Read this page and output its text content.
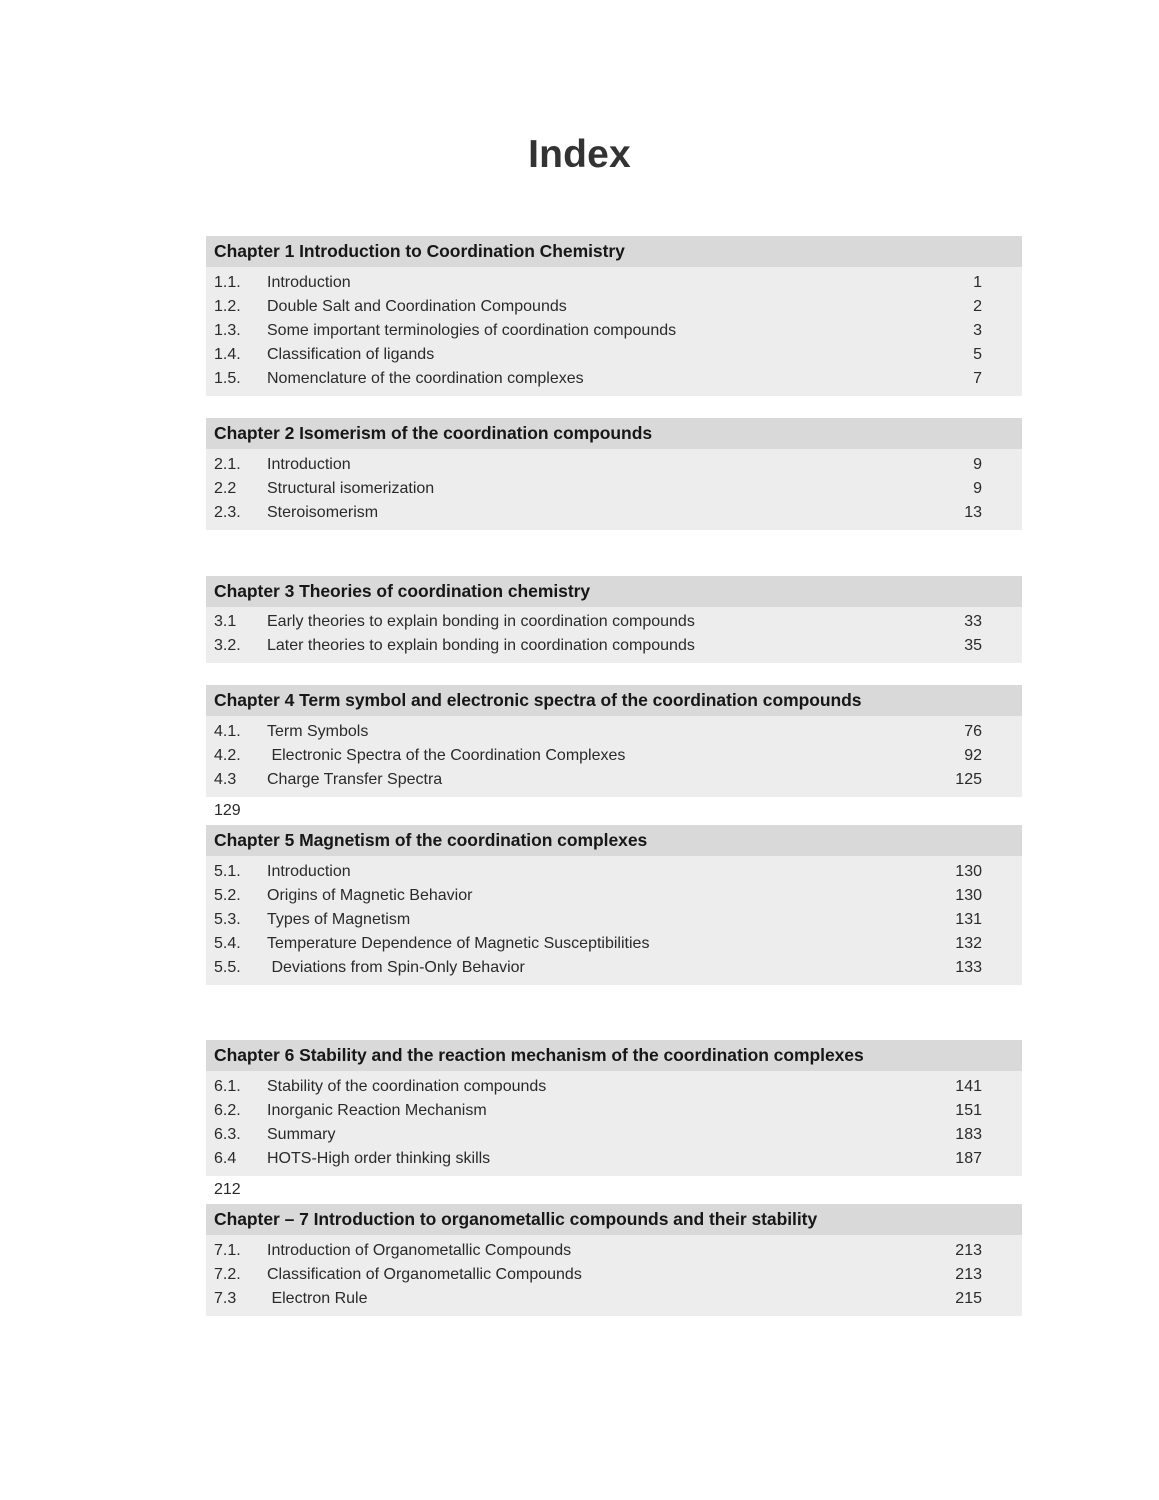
Index
Chapter 1 Introduction to Coordination Chemistry
1.1.	Introduction	1
1.2.	Double Salt and Coordination Compounds	2
1.3.	Some important terminologies of coordination compounds	3
1.4.	Classification of ligands	5
1.5.	Nomenclature of the coordination complexes	7
Chapter 2 Isomerism of the coordination compounds
2.1.	Introduction	9
2.2	Structural isomerization	9
2.3.	Steroisomerism	13
Chapter 3 Theories of coordination chemistry
3.1	Early theories to explain bonding in coordination compounds	33
3.2.	Later theories to explain bonding in coordination compounds	35
Chapter 4 Term symbol and electronic spectra of the coordination compounds
4.1.	Term Symbols	76
4.2.	Electronic Spectra of the Coordination Complexes	92
4.3	Charge Transfer Spectra	125
129
Chapter 5 Magnetism of the coordination complexes
5.1.	Introduction	130
5.2.	Origins of Magnetic Behavior	130
5.3.	Types of Magnetism	131
5.4.	Temperature Dependence of Magnetic Susceptibilities	132
5.5.	Deviations from Spin-Only Behavior	133
Chapter 6 Stability and the reaction mechanism of the coordination complexes
6.1.	Stability of the coordination compounds	141
6.2.	Inorganic Reaction Mechanism	151
6.3.	Summary	183
6.4	HOTS-High order thinking skills	187
212
Chapter – 7 Introduction to organometallic compounds and their stability
7.1.	Introduction of Organometallic Compounds	213
7.2.	Classification of Organometallic Compounds	213
7.3	Electron Rule	215
